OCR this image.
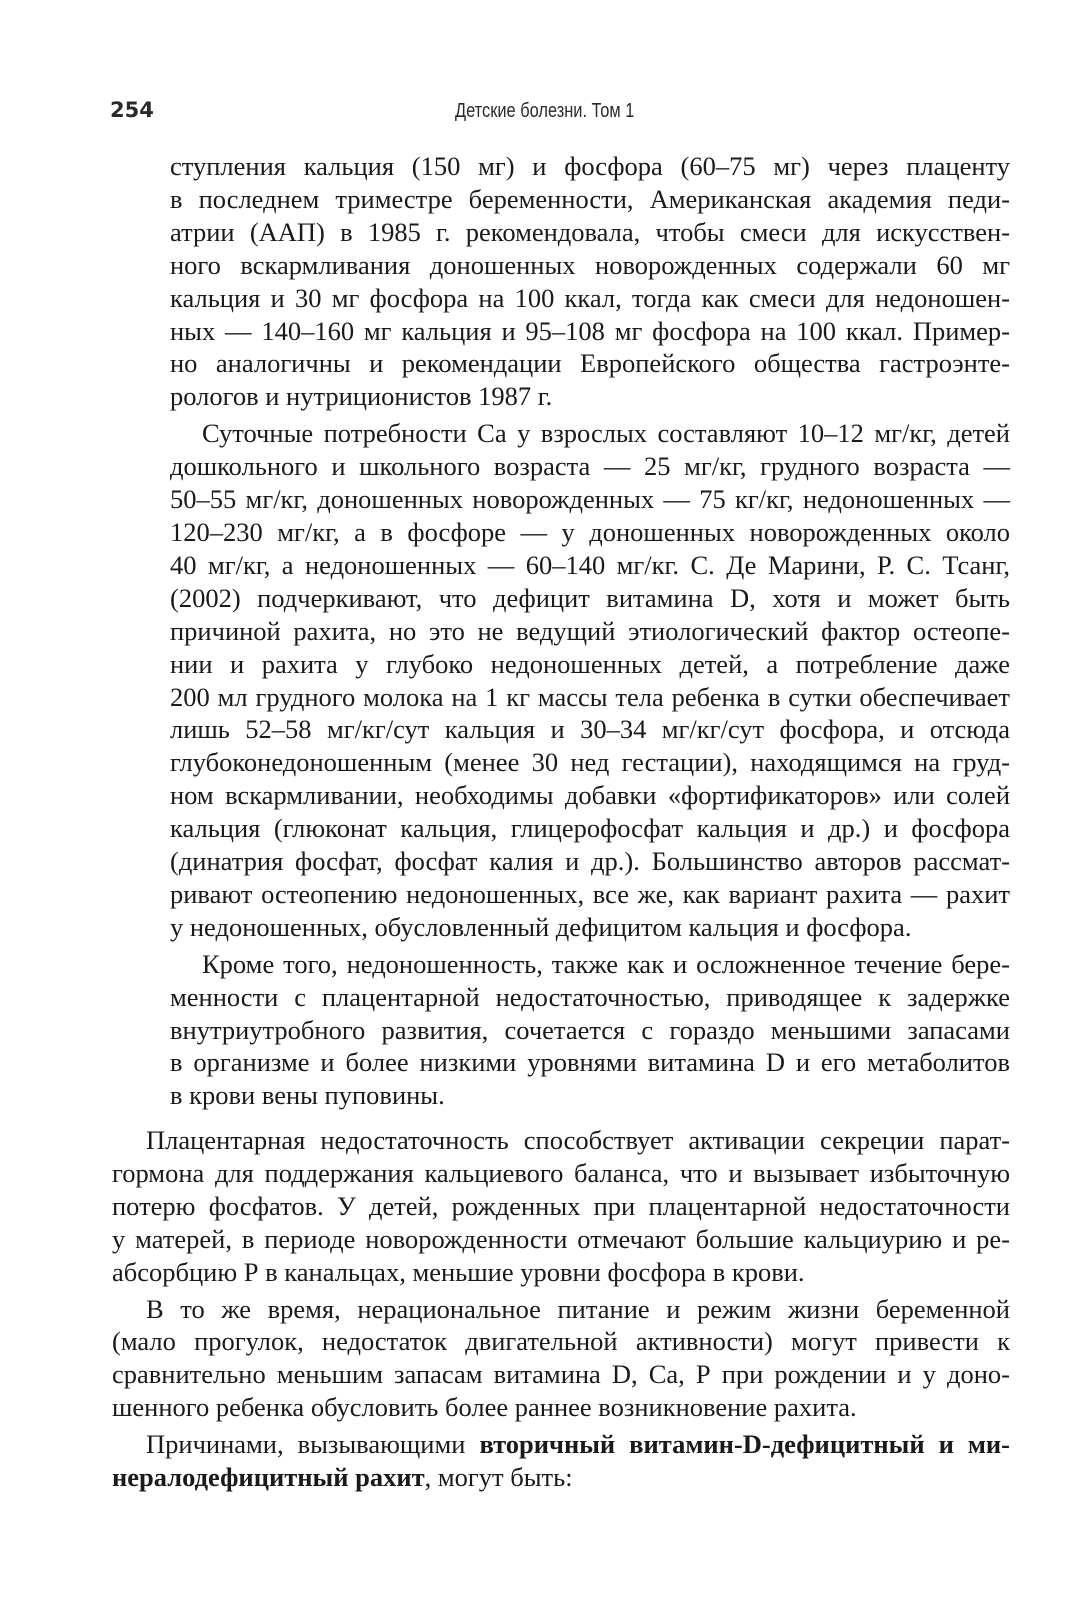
254	Детские болезни. Том 1
ступления кальция (150 мг) и фосфора (60–75 мг) через плаценту
в последнем триместре беременности, Американская академия педи-
атрии (ААП) в 1985 г. рекомендовала, чтобы смеси для искусствен-
ного вскармливания доношенных новорожденных содержали 60 мг
кальция и 30 мг фосфора на 100 ккал, тогда как смеси для недоношен-
ных — 140–160 мг кальция и 95–108 мг фосфора на 100 ккал. Пример-
но аналогичны и рекомендации Европейского общества гастроэнте-
рологов и нутриционистов 1987 г.
Суточные потребности Са у взрослых составляют 10–12 мг/кг, детей
дошкольного и школьного возраста — 25 мг/кг, грудного возраста —
50–55 мг/кг, доношенных новорожденных — 75 кг/кг, недоношенных —
120–230 мг/кг, а в фосфоре — у доношенных новорожденных около
40 мг/кг, а недоношенных — 60–140 мг/кг. С. Де Марини, Р. С. Тсанг,
(2002) подчеркивают, что дефицит витамина D, хотя и может быть
причиной рахита, но это не ведущий этиологический фактор остеопе-
нии и рахита у глубоко недоношенных детей, а потребление даже
200 мл грудного молока на 1 кг массы тела ребенка в сутки обеспечивает
лишь 52–58 мг/кг/сут кальция и 30–34 мг/кг/сут фосфора, и отсюда
глубоконедоношенным (менее 30 нед гестации), находящимся на груд-
ном вскармливании, необходимы добавки «фортификаторов» или солей
кальция (глюконат кальция, глицерофосфат кальция и др.) и фосфора
(динатрия фосфат, фосфат калия и др.). Большинство авторов рассмат-
ривают остеопению недоношенных, все же, как вариант рахита — рахит
у недоношенных, обусловленный дефицитом кальция и фосфора.
Кроме того, недоношенность, также как и осложненное течение бере-
менности с плацентарной недостаточностью, приводящее к задержке
внутриутробного развития, сочетается с гораздо меньшими запасами
в организме и более низкими уровнями витамина D и его метаболитов
в крови вены пуповины.
Плацентарная недостаточность способствует активации секреции парат-
гормона для поддержания кальциевого баланса, что и вызывает избыточную
потерю фосфатов. У детей, рожденных при плацентарной недостаточности
у матерей, в периоде новорожденности отмечают большие кальциурию и ре-
абсорбцию Р в канальцах, меньшие уровни фосфора в крови.
В то же время, нерациональное питание и режим жизни беременной
(мало прогулок, недостаток двигательной активности) могут привести к
сравнительно меньшим запасам витамина D, Са, Р при рождении и у доно-
шенного ребенка обусловить более раннее возникновение рахита.
Причинами, вызывающими вторичный витамин-D-дефицитный и ми-
нералодефицитный рахит, могут быть:
